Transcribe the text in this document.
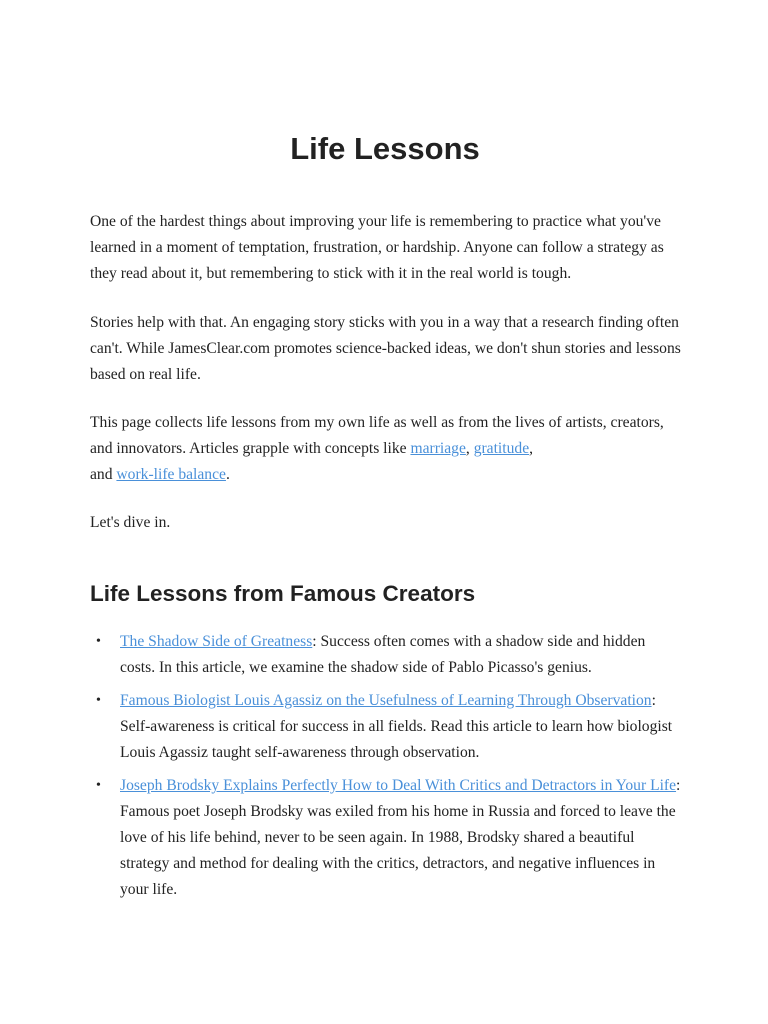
Life Lessons

One of the hardest things about improving your life is remembering to practice what you've learned in a moment of temptation, frustration, or hardship. Anyone can follow a strategy as they read about it, but remembering to stick with it in the real world is tough.

Stories help with that. An engaging story sticks with you in a way that a research finding often can't. While JamesClear.com promotes science-backed ideas, we don't shun stories and lessons based on real life.

This page collects life lessons from my own life as well as from the lives of artists, creators, and innovators. Articles grapple with concepts like marriage, gratitude,
and work-life balance.

Let's dive in.

Life Lessons from Famous Creators
• The Shadow Side of Greatness: Success often comes with a shadow side and hidden costs. In this article, we examine the shadow side of Pablo Picasso's genius.
• Famous Biologist Louis Agassiz on the Usefulness of Learning Through Observation: Self-awareness is critical for success in all fields. Read this article to learn how biologist Louis Agassiz taught self-awareness through observation.
• Joseph Brodsky Explains Perfectly How to Deal With Critics and Detractors in Your Life: Famous poet Joseph Brodsky was exiled from his home in Russia and forced to leave the love of his life behind, never to be seen again. In 1988, Brodsky shared a beautiful strategy and method for dealing with the critics, detractors, and negative influences in your life.
